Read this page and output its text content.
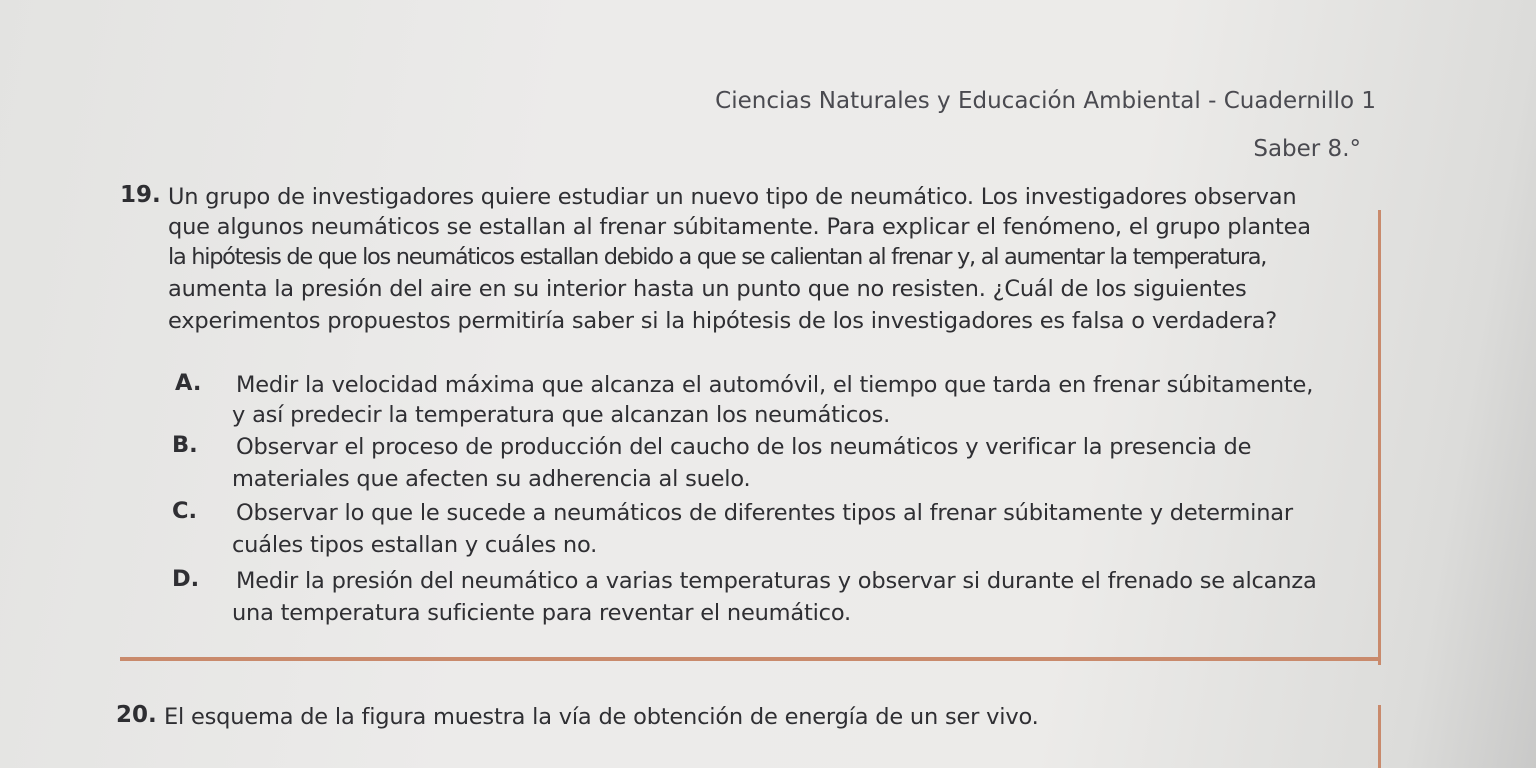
Ciencias Naturales y Educación Ambiental - Cuadernillo 1
Saber 8.°
19. Un grupo de investigadores quiere estudiar un nuevo tipo de neumático. Los investigadores observan
que algunos neumáticos se estallan al frenar súbitamente. Para explicar el fenómeno, el grupo plantea
la hipótesis de que los neumáticos estallan debido a que se calientan al frenar y, al aumentar la temperatura,
aumenta la presión del aire en su interior hasta un punto que no resisten. ¿Cuál de los siguientes
experimentos propuestos permitiría saber si la hipótesis de los investigadores es falsa o verdadera?
A. Medir la velocidad máxima que alcanza el automóvil, el tiempo que tarda en frenar súbitamente,
y así predecir la temperatura que alcanzan los neumáticos.
B. Observar el proceso de producción del caucho de los neumáticos y verificar la presencia de
materiales que afecten su adherencia al suelo.
C. Observar lo que le sucede a neumáticos de diferentes tipos al frenar súbitamente y determinar
cuáles tipos estallan y cuáles no.
D. Medir la presión del neumático a varias temperaturas y observar si durante el frenado se alcanza
una temperatura suficiente para reventar el neumático.
20. El esquema de la figura muestra la vía de obtención de energía de un ser vivo.
